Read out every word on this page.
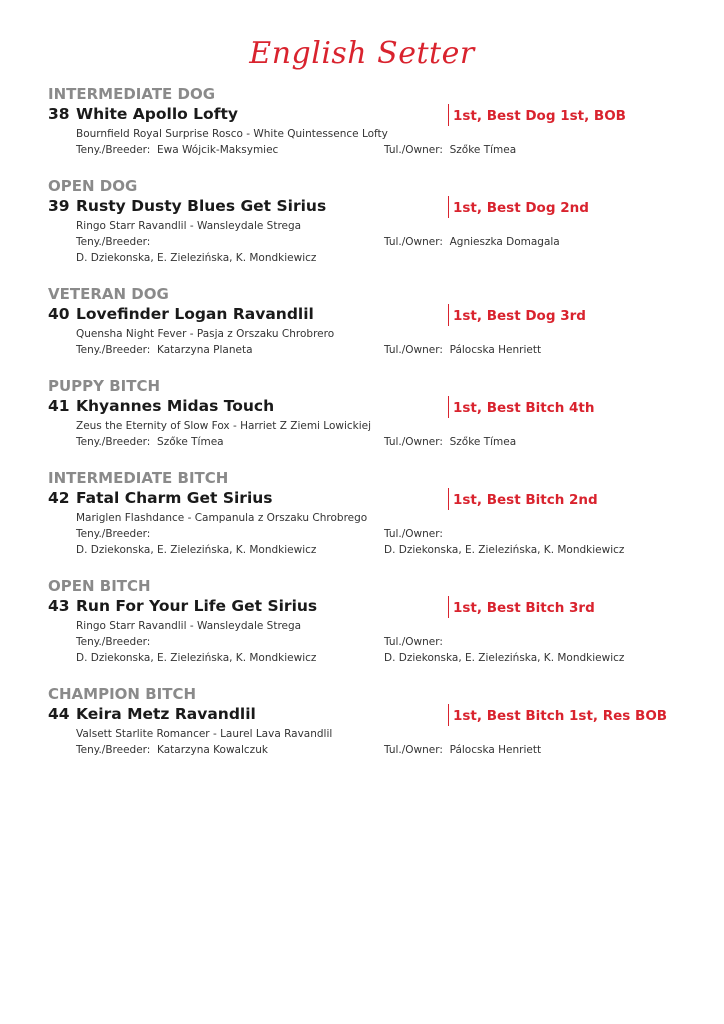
English Setter
INTERMEDIATE DOG
38 White Apollo Lofty	1st, Best Dog 1st, BOB
Bournfield Royal Surprise Rosco - White Quintessence Lofty
Teny./Breeder: Ewa Wójcik-Maksymiec	Tul./Owner: Szőke Tímea
OPEN DOG
39 Rusty Dusty Blues Get Sirius	1st, Best Dog 2nd
Ringo Starr Ravandlil - Wansleydale Strega
Teny./Breeder:	Tul./Owner: Agnieszka Domagala
D. Dziekonska, E. Zielezińska, K. Mondkiewicz
VETERAN DOG
40 Lovefinder Logan Ravandlil	1st, Best Dog 3rd
Quensha Night Fever - Pasja z Orszaku Chrobrero
Teny./Breeder: Katarzyna Planeta	Tul./Owner: Pálocska Henriett
PUPPY BITCH
41 Khyannes Midas Touch	1st, Best Bitch 4th
Zeus the Eternity of Slow Fox - Harriet Z Ziemi Lowickiej
Teny./Breeder: Szőke Tímea	Tul./Owner: Szőke Tímea
INTERMEDIATE BITCH
42 Fatal Charm Get Sirius	1st, Best Bitch 2nd
Mariglen Flashdance - Campanula z Orszaku Chrobrego
Teny./Breeder:	Tul./Owner:
D. Dziekonska, E. Zielezińska, K. Mondkiewicz	D. Dziekonska, E. Zielezińska, K. Mondkiewicz
OPEN BITCH
43 Run For Your Life Get Sirius	1st, Best Bitch 3rd
Ringo Starr Ravandlil - Wansleydale Strega
Teny./Breeder:	Tul./Owner:
D. Dziekonska, E. Zielezińska, K. Mondkiewicz	D. Dziekonska, E. Zielezińska, K. Mondkiewicz
CHAMPION BITCH
44 Keira Metz Ravandlil	1st, Best Bitch 1st, Res BOB
Valsett Starlite Romancer - Laurel Lava Ravandlil
Teny./Breeder: Katarzyna Kowalczuk	Tul./Owner: Pálocska Henriett
